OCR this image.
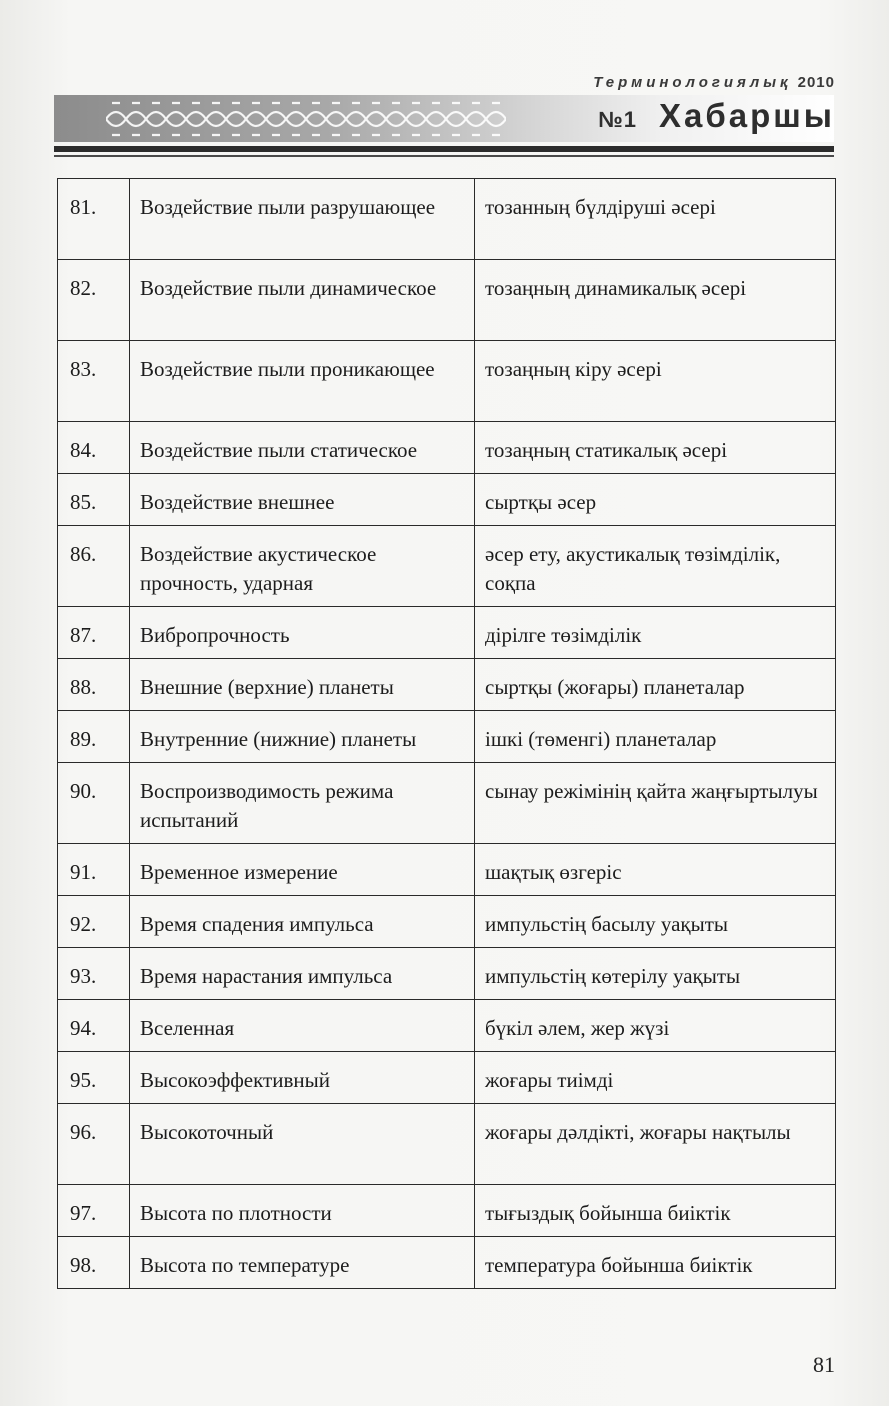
Терминологиялық 2010
№1 Хабаршы
81.	Воздействие пыли разрушающее	тозанның бүлдіруші әсері
82.	Воздействие пыли динамическое	тозаңның динамикалық әсері
83.	Воздействие пыли проникающее	тозаңның кіру әсері
84.	Воздействие пыли статическое	тозаңның статикалық әсері
85.	Воздействие внешнее	сыртқы әсер
86.	Воздействие акустическое прочность, ударная	әсер ету, акустикалық төзімділік, соқпа
87.	Вибропрочность	дірілге төзімділік
88.	Внешние (верхние) планеты	сыртқы (жоғары) планеталар
89.	Внутренние (нижние) планеты	ішкі (төменгі) планеталар
90.	Воспроизводимость режима испытаний	сынау режімінің қайта жаңғыртылуы
91.	Временное измерение	шақтық өзгеріс
92.	Время спадения импульса	импульстің басылу уақыты
93.	Время нарастания импульса	импульстің көтерілу уақыты
94.	Вселенная	бүкіл әлем, жер жүзі
95.	Высокоэффективный	жоғары тиімді
96.	Высокоточный	жоғары дәлдікті, жоғары нақтылы
97.	Высота по плотности	тығыздық бойынша биіктік
98.	Высота по температуре	температура бойынша биіктік
81
